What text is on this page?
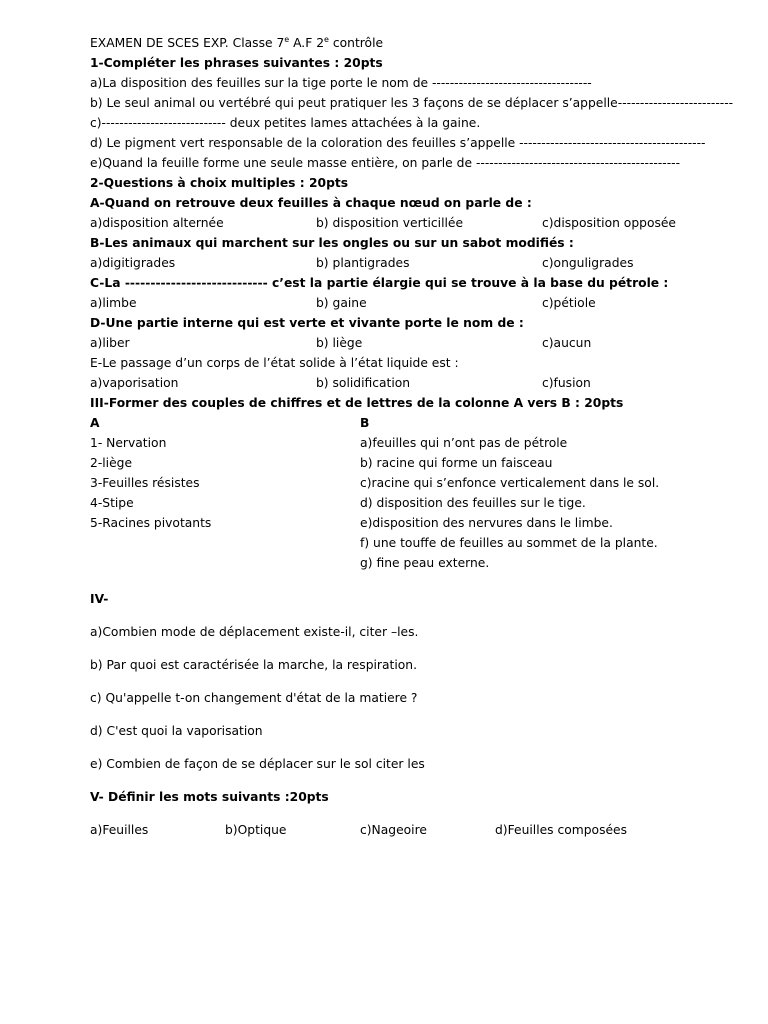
EXAMEN DE SCES EXP. Classe 7e A.F 2e contrôle
1-Compléter les phrases suivantes : 20pts
a)La disposition des feuilles sur la tige porte le nom de ------------------------------------
b) Le seul animal ou vertébré qui peut pratiquer les 3 façons de se déplacer s’appelle--------------------------
c)---------------------------- deux petites lames attachées à la gaine.
d) Le pigment vert responsable de la coloration des feuilles s’appelle ------------------------------------------
e)Quand la feuille forme une seule masse entière, on parle de ----------------------------------------------
2-Questions à choix multiples : 20pts
A-Quand on retrouve deux feuilles à chaque nœud on parle de :
a)disposition alternée	b) disposition verticillée	c)disposition opposée
B-Les animaux qui marchent sur les ongles ou sur un sabot modifiés :
a)digitigrades	b) plantigrades	c)onguligrades
C-La ---------------------------- c’est la partie élargie qui se trouve à la base du pétrole :
a)limbe	b) gaine	c)pétiole
D-Une partie interne qui est verte et vivante porte le nom de :
a)liber	b) liège	c)aucun
E-Le passage d’un corps de l’état solide à l’état liquide est :
a)vaporisation	b) solidification	c)fusion
III-Former des couples de chiffres et de lettres de la colonne A vers B : 20pts
A	B
1- Nervation	a)feuilles qui n’ont pas de pétrole
2-liège	b) racine qui forme un faisceau
3-Feuilles résistes	c)racine qui s’enfonce verticalement dans le sol.
4-Stipe	d) disposition des feuilles sur le tige.
5-Racines pivotants	e)disposition des nervures dans le limbe.
f) une touffe de feuilles au sommet de la plante.
g) fine peau externe.
IV-
a)Combien mode de déplacement existe-il, citer –les.
b) Par quoi est caractérisée la marche, la respiration.
c) Qu'appelle t-on changement d'état de la matiere ?
d) C'est quoi la vaporisation
e) Combien de façon de se déplacer sur le sol citer les
V- Définir les mots suivants :20pts
a)Feuilles	b)Optique	c)Nageoire	d)Feuilles composées
